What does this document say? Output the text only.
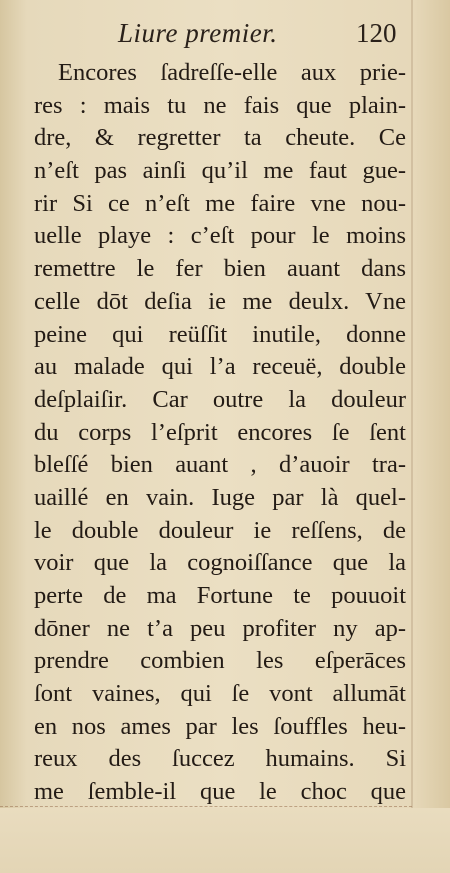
Liure premier.	120
Encores ſadreſſe-elle aux prie-
res : mais tu ne fais que plain-
dre, & regretter ta cheute. Ce
n’eſt pas ainſi qu’il me faut gue-
rir Si ce n’eſt me faire vne nou-
uelle playe : c’eſt pour le moins
remettre le fer bien auant dans
celle dōt deſia ie me deulx. Vne
peine qui reüſſit inutile, donne
au malade qui l’a receuë, double
deſplaiſir. Car outre la douleur
du corps l’eſprit encores ſe ſent
bleſſé bien auant , d’auoir tra-
uaillé en vain. Iuge par là quel-
le double douleur ie reſſens, de
voir que la cognoiſſance que la
perte de ma Fortune te pouuoit
dōner ne t’a peu profiter ny ap-
prendre combien les eſperāces
ſont vaines, qui ſe vont allumāt
en nos ames par les ſouffles heu-
reux des ſuccez humains. Si
me ſemble-il que le choc que
